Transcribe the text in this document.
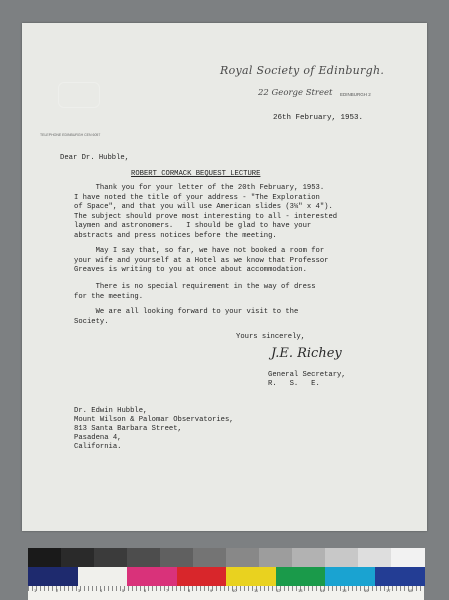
Royal Society of Edinburgh.
22 George Street EDINBURGH 2
TELEPHONE EDINBURGH CEN 6057
26th February, 1953.
Dear Dr. Hubble,
ROBERT CORMACK BEQUEST LECTURE
Thank you for your letter of the 20th February, 1953.
I have noted the title of your address - "The Exploration
of Space", and that you will use American slides (3¼" x 4").
The subject should prove most interesting to all - interested
laymen and astronomers.   I should be glad to have your
abstracts and press notices before the meeting.
May I say that, so far, we have not booked a room for
your wife and yourself at a Hotel as we know that Professor
Greaves is writing to you at once about accommodation.
There is no special requirement in the way of dress
for the meeting.
We are all looking forward to your visit to the
Society.
Yours sincerely,
J.E. Richey
General Secretary,
R.   S.   E.
Dr. Edwin Hubble,
Mount Wilson & Palomar Observatories,
813 Santa Barbara Street,
Pasadena 4,
California.
1	2	3	4	5	6	7	8	9	10	11	12	13	14	15	16	17	18
